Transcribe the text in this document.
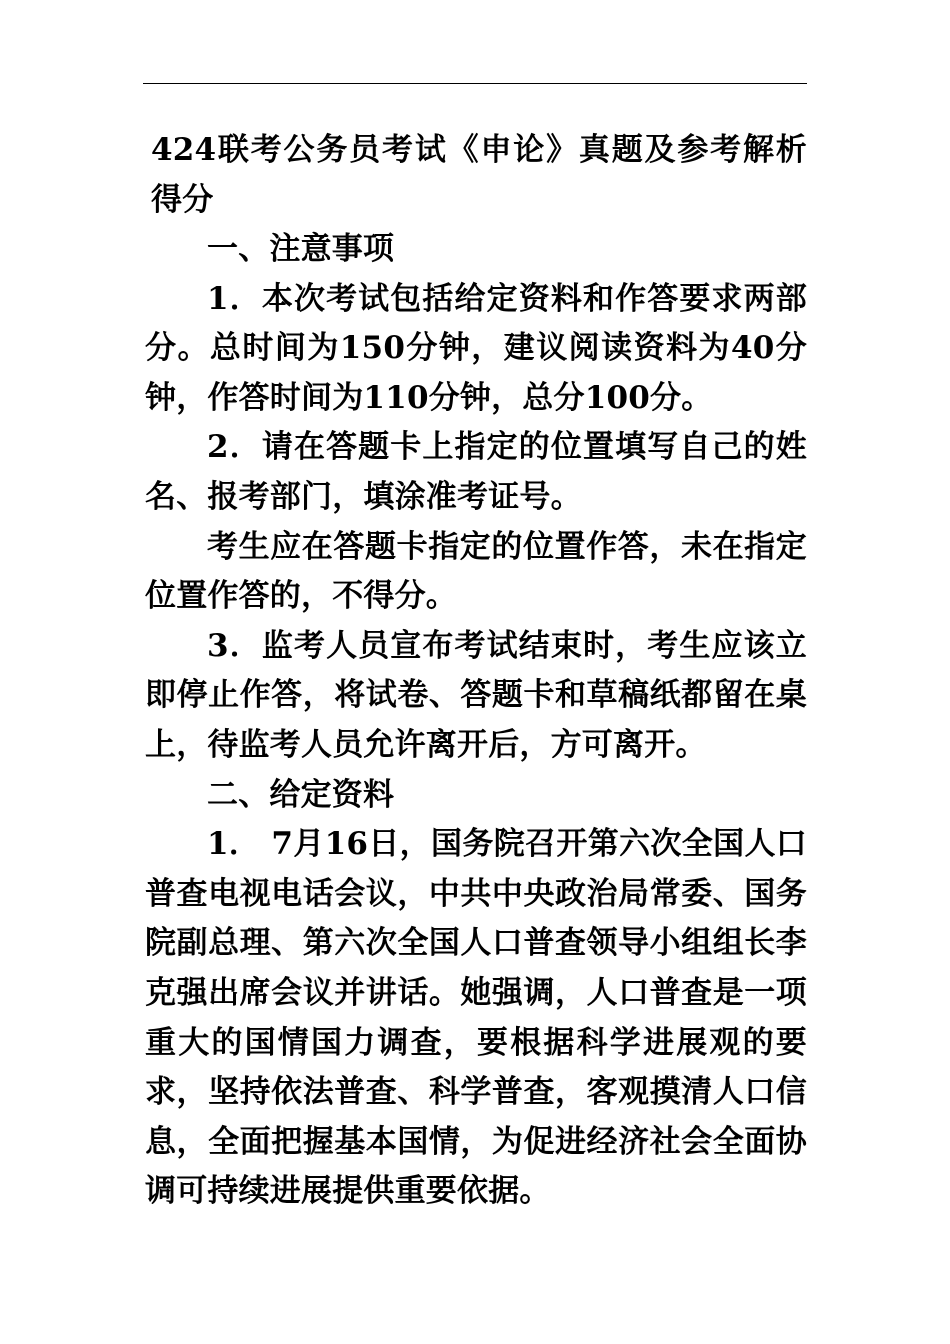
424联考公务员考试《申论》真题及参考解析得分

一、注意事项

1．本次考试包括给定资料和作答要求两部分。总时间为150分钟，建议阅读资料为40分钟，作答时间为110分钟，总分100分。

2．请在答题卡上指定的位置填写自己的姓名、报考部门，填涂准考证号。

考生应在答题卡指定的位置作答，未在指定位置作答的，不得分。

3．监考人员宣布考试结束时，考生应该立即停止作答，将试卷、答题卡和草稿纸都留在桌上，待监考人员允许离开后，方可离开。

二、给定资料

1． 7月16日，国务院召开第六次全国人口普查电视电话会议，中共中央政治局常委、国务院副总理、第六次全国人口普查领导小组组长李克强出席会议并讲话。她强调，人口普查是一项重大的国情国力调查，要根据科学进展观的要求，坚持依法普查、科学普查，客观摸清人口信息，全面把握基本国情，为促进经济社会全面协调可持续进展提供重要依据。
